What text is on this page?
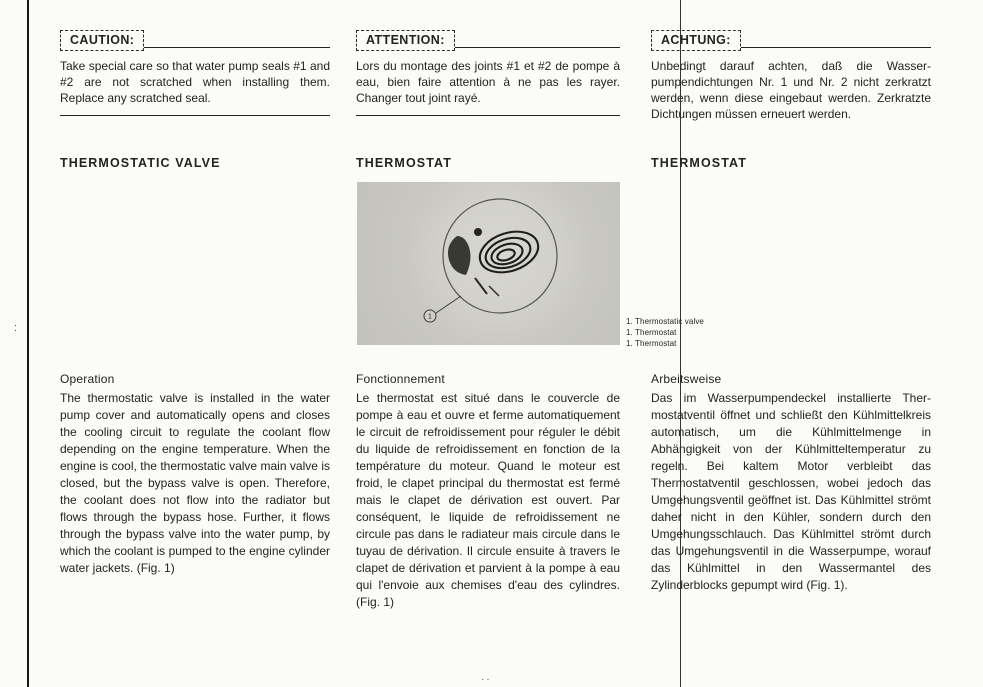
CAUTION:

Take special care so that water pump seals #1 and #2 are not scratched when installing them. Replace any scratched seal.

THERMOSTATIC VALVE
Operation

The thermostatic valve is installed in the water pump cover and automatically opens and closes the cooling circuit to regulate the coolant flow depending on the engine temperature. When the engine is cool, the thermostatic valve main valve is closed, but the bypass valve is open. Therefore, the coolant does not flow into the radiator but flows through the bypass hose. Further, it flows through the bypass valve into the water pump, by which the coolant is pumped to the engine cylinder water jackets. (Fig. 1)

ATTENTION:

Lors du montage des joints #1 et #2 de pompe à eau, bien faire attention à ne pas les rayer. Changer tout joint rayé.

THERMOSTAT
Fonctionnement

Le thermostat est situé dans le couvercle de pompe à eau et ouvre et ferme automatiquement le circuit de refroidissement pour réguler le débit du liquide de refroidissement en fonction de la température du moteur. Quand le moteur est froid, le clapet principal du thermostat est fermé mais le clapet de dérivation est ouvert. Par conséquent, le liquide de refroidissement ne circule pas dans le radiateur mais circule dans le tuyau de dérivation. Il circule ensuite à travers le clapet de dérivation et parvient à la pompe à eau qui l'envoie aux chemises d'eau des cylindres. (Fig. 1)

ACHTUNG:

Unbedingt darauf achten, daß die Wasserpumpendichtungen Nr. 1 und Nr. 2 nicht zerkratzt werden, wenn diese eingebaut werden. Zerkratzte Dichtungen müssen erneuert werden.

THERMOSTAT
Arbeitsweise

Das im Wasserpumpendeckel installierte Thermostatventil öffnet und schließt den Kühlmittelkreis automatisch, um die Kühlmittelmenge in Abhängigkeit von der Kühlmitteltemperatur zu regeln. Bei kaltem Motor verbleibt das Thermostatventil geschlossen, wobei jedoch das Umgehungsventil geöffnet ist. Das Kühlmittel strömt daher nicht in den Kühler, sondern durch den Umgehungsschlauch. Das Kühlmittel strömt durch das Umgehungsventil in die Wasserpumpe, worauf das Kühlmittel in den Wassermantel des Zylinderblocks gepumpt wird (Fig. 1).

1	1. Thermostatic valve
1. Thermostat
1. Thermostat
:
··
